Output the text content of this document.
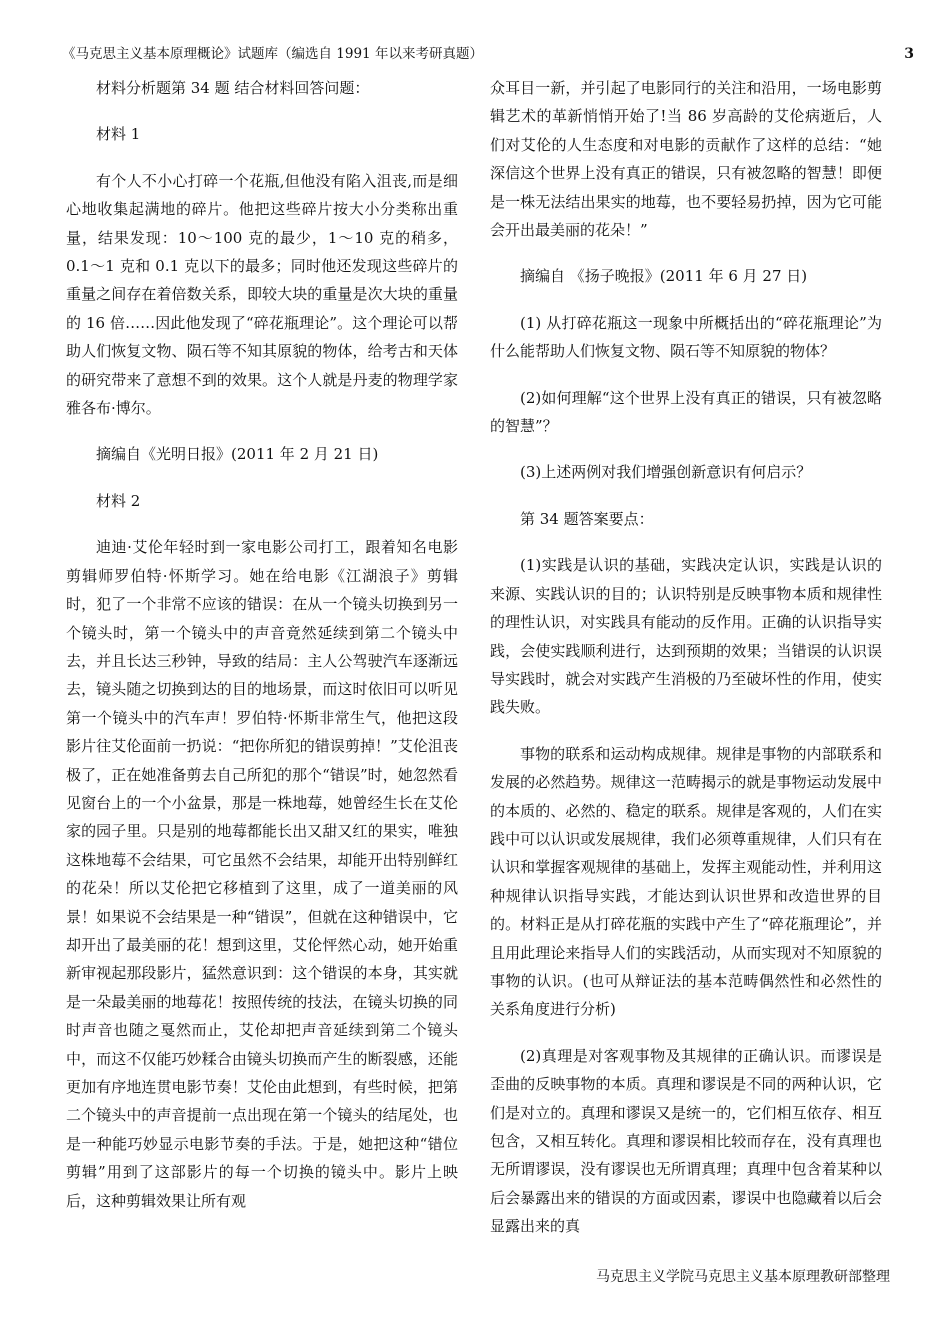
《马克思主义基本原理概论》试题库（编选自 1991 年以来考研真题）	3

材料分析题第 34 题 结合材料回答问题：

材料 1

有个人不小心打碎一个花瓶,但他没有陷入沮丧,而是细心地收集起满地的碎片。他把这些碎片按大小分类称出重量，结果发现：10～100 克的最少，1～10 克的稍多，0.1～1 克和 0.1 克以下的最多；同时他还发现这些碎片的重量之间存在着倍数关系，即较大块的重量是次大块的重量的 16 倍……因此他发现了“碎花瓶理论”。这个理论可以帮助人们恢复文物、陨石等不知其原貌的物体，给考古和天体的研究带来了意想不到的效果。这个人就是丹麦的物理学家雅各布·博尔。

摘编自《光明日报》(2011 年 2 月 21 日)

材料 2

迪迪·艾伦年轻时到一家电影公司打工，跟着知名电影剪辑师罗伯特·怀斯学习。她在给电影《江湖浪子》剪辑时，犯了一个非常不应该的错误：在从一个镜头切换到另一个镜头时，第一个镜头中的声音竟然延续到第二个镜头中去，并且长达三秒钟，导致的结局：主人公驾驶汽车逐渐远去，镜头随之切换到达的目的地场景，而这时依旧可以听见第一个镜头中的汽车声！罗伯特·怀斯非常生气，他把这段影片往艾伦面前一扔说：“把你所犯的错误剪掉！”艾伦沮丧极了，正在她准备剪去自己所犯的那个“错误”时，她忽然看见窗台上的一个小盆景，那是一株地莓，她曾经生长在艾伦家的园子里。只是别的地莓都能长出又甜又红的果实，唯独这株地莓不会结果，可它虽然不会结果，却能开出特别鲜红的花朵！所以艾伦把它移植到了这里，成了一道美丽的风景！如果说不会结果是一种“错误”，但就在这种错误中，它却开出了最美丽的花！想到这里，艾伦怦然心动，她开始重新审视起那段影片，猛然意识到：这个错误的本身，其实就是一朵最美丽的地莓花！按照传统的技法，在镜头切换的同时声音也随之戛然而止，艾伦却把声音延续到第二个镜头中，而这不仅能巧妙糅合由镜头切换而产生的断裂感，还能更加有序地连贯电影节奏！艾伦由此想到，有些时候，把第二个镜头中的声音提前一点出现在第一个镜头的结尾处，也是一种能巧妙显示电影节奏的手法。于是，她把这种“错位剪辑”用到了这部影片的每一个切换的镜头中。影片上映后，这种剪辑效果让所有观

众耳目一新，并引起了电影同行的关注和沿用，一场电影剪辑艺术的革新悄悄开始了!当 86 岁高龄的艾伦病逝后，人们对艾伦的人生态度和对电影的贡献作了这样的总结：“她深信这个世界上没有真正的错误，只有被忽略的智慧！即便是一株无法结出果实的地莓，也不要轻易扔掉，因为它可能会开出最美丽的花朵！”

摘编自 《扬子晚报》(2011 年 6 月 27 日)

(1) 从打碎花瓶这一现象中所概括出的“碎花瓶理论”为什么能帮助人们恢复文物、陨石等不知原貌的物体？

(2)如何理解“这个世界上没有真正的错误，只有被忽略的智慧”？

(3)上述两例对我们增强创新意识有何启示？

第 34 题答案要点：

(1)实践是认识的基础，实践决定认识，实践是认识的来源、实践认识的目的；认识特别是反映事物本质和规律性的理性认识，对实践具有能动的反作用。正确的认识指导实践，会使实践顺利进行，达到预期的效果；当错误的认识误导实践时，就会对实践产生消极的乃至破坏性的作用，使实践失败。

事物的联系和运动构成规律。规律是事物的内部联系和发展的必然趋势。规律这一范畴揭示的就是事物运动发展中的本质的、必然的、稳定的联系。规律是客观的，人们在实践中可以认识或发展规律，我们必须尊重规律，人们只有在认识和掌握客观规律的基础上，发挥主观能动性，并利用这种规律认识指导实践，才能达到认识世界和改造世界的目的。材料正是从打碎花瓶的实践中产生了“碎花瓶理论”，并且用此理论来指导人们的实践活动，从而实现对不知原貌的事物的认识。(也可从辩证法的基本范畴偶然性和必然性的关系角度进行分析)

(2)真理是对客观事物及其规律的正确认识。而谬误是歪曲的反映事物的本质。真理和谬误是不同的两种认识，它们是对立的。真理和谬误又是统一的，它们相互依存、相互包含，又相互转化。真理和谬误相比较而存在，没有真理也无所谓谬误，没有谬误也无所谓真理；真理中包含着某种以后会暴露出来的错误的方面或因素，谬误中也隐藏着以后会显露出来的真

马克思主义学院马克思主义基本原理教研部整理
